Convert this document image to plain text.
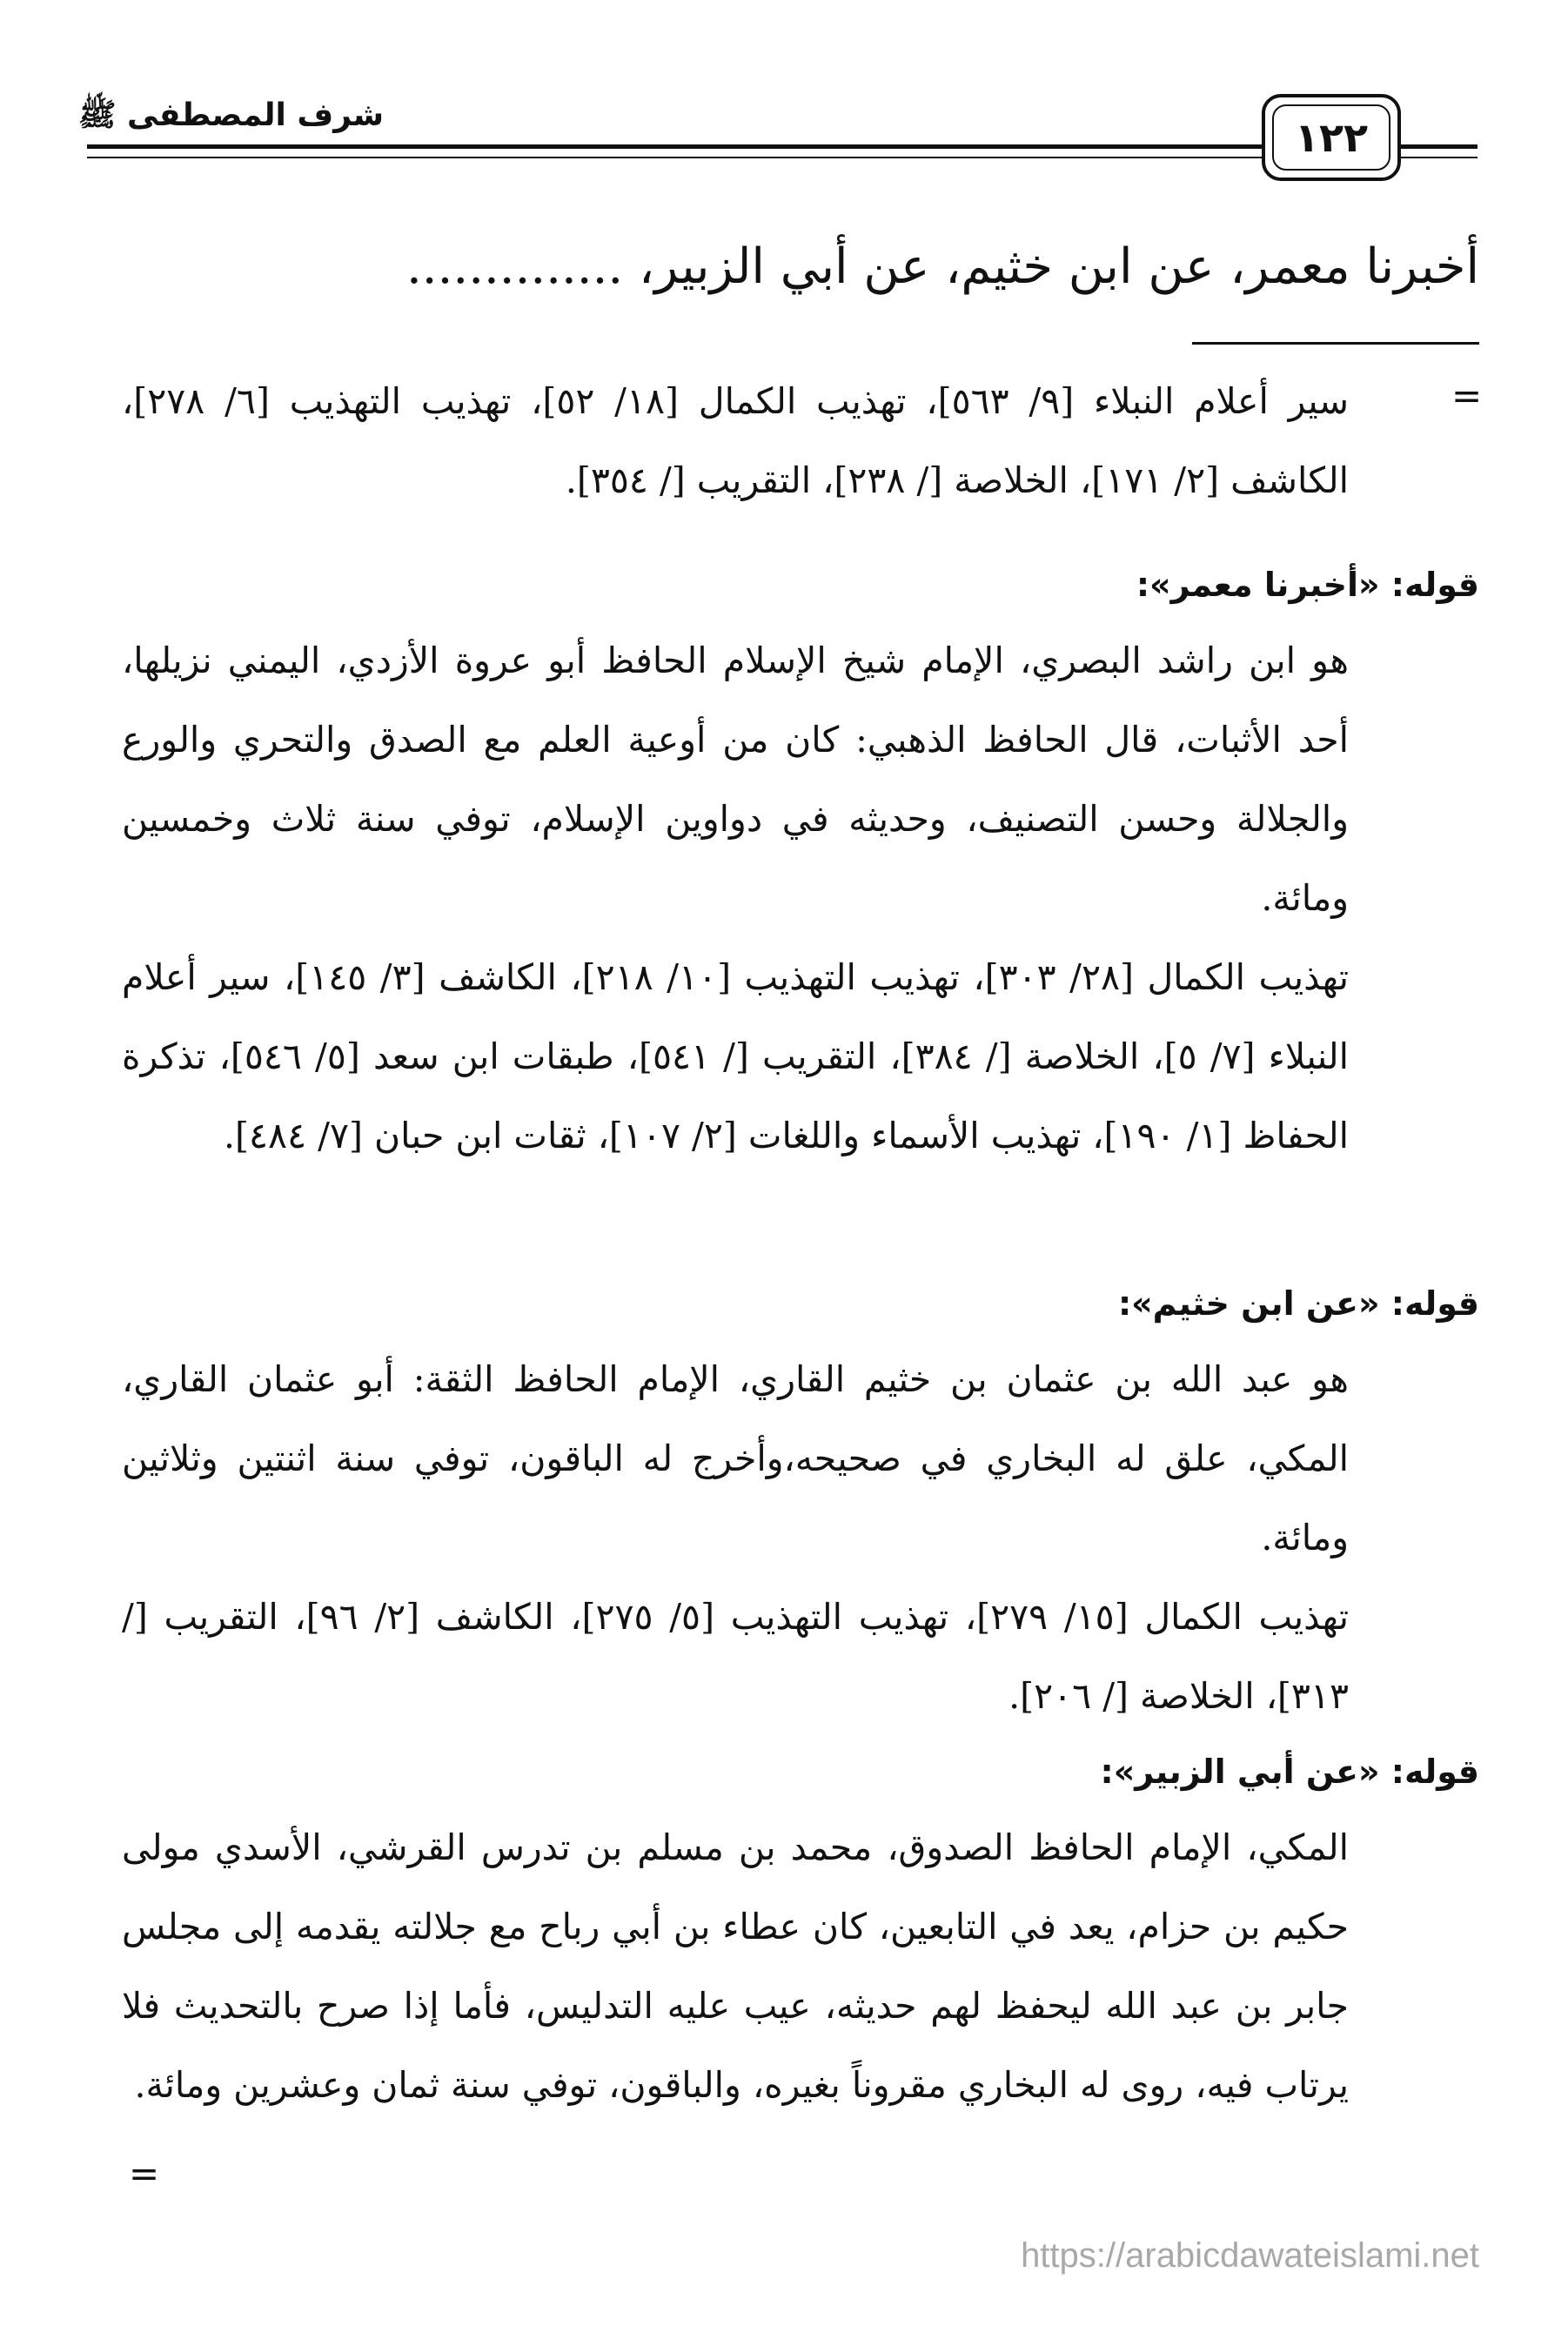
شرف المصطفى ﷺ	١٢٢
أخبرنا معمر، عن ابن خثيم، عن أبي الزبير، ..............
=

سير أعلام النبلاء [٩/ ٥٦٣]، تهذيب الكمال [١٨/ ٥٢]، تهذيب التهذيب [٦/ ٢٧٨]، الكاشف [٢/ ١٧١]، الخلاصة [/ ٢٣٨]، التقريب [/ ٣٥٤].

قوله: «أخبرنا معمر»:

هو ابن راشد البصري، الإمام شيخ الإسلام الحافظ أبو عروة الأزدي، اليمني نزيلها، أحد الأثبات، قال الحافظ الذهبي: كان من أوعية العلم مع الصدق والتحري والورع والجلالة وحسن التصنيف، وحديثه في دواوين الإسلام، توفي سنة ثلاث وخمسين ومائة.

تهذيب الكمال [٢٨/ ٣٠٣]، تهذيب التهذيب [١٠/ ٢١٨]، الكاشف [٣/ ١٤٥]، سير أعلام النبلاء [٧/ ٥]، الخلاصة [/ ٣٨٤]، التقريب [/ ٥٤١]، طبقات ابن سعد [٥/ ٥٤٦]، تذكرة الحفاظ [١/ ١٩٠]، تهذيب الأسماء واللغات [٢/ ١٠٧]، ثقات ابن حبان [٧/ ٤٨٤].

قوله: «عن ابن خثيم»:

هو عبد الله بن عثمان بن خثيم القاري، الإمام الحافظ الثقة: أبو عثمان القاري، المكي، علق له البخاري في صحيحه،وأخرج له الباقون، توفي سنة اثنتين وثلاثين ومائة.

تهذيب الكمال [١٥/ ٢٧٩]، تهذيب التهذيب [٥/ ٢٧٥]، الكاشف [٢/ ٩٦]، التقريب [/ ٣١٣]، الخلاصة [/ ٢٠٦].

قوله: «عن أبي الزبير»:

المكي، الإمام الحافظ الصدوق، محمد بن مسلم بن تدرس القرشي، الأسدي مولى حكيم بن حزام، يعد في التابعين، كان عطاء بن أبي رباح مع جلالته يقدمه إلى مجلس جابر بن عبد الله ليحفظ لهم حديثه، عيب عليه التدليس، فأما إذا صرح بالتحديث فلا يرتاب فيه، روى له البخاري مقروناً بغيره، والباقون، توفي سنة ثمان وعشرين ومائة.

=
https://arabicdawateislami.net
